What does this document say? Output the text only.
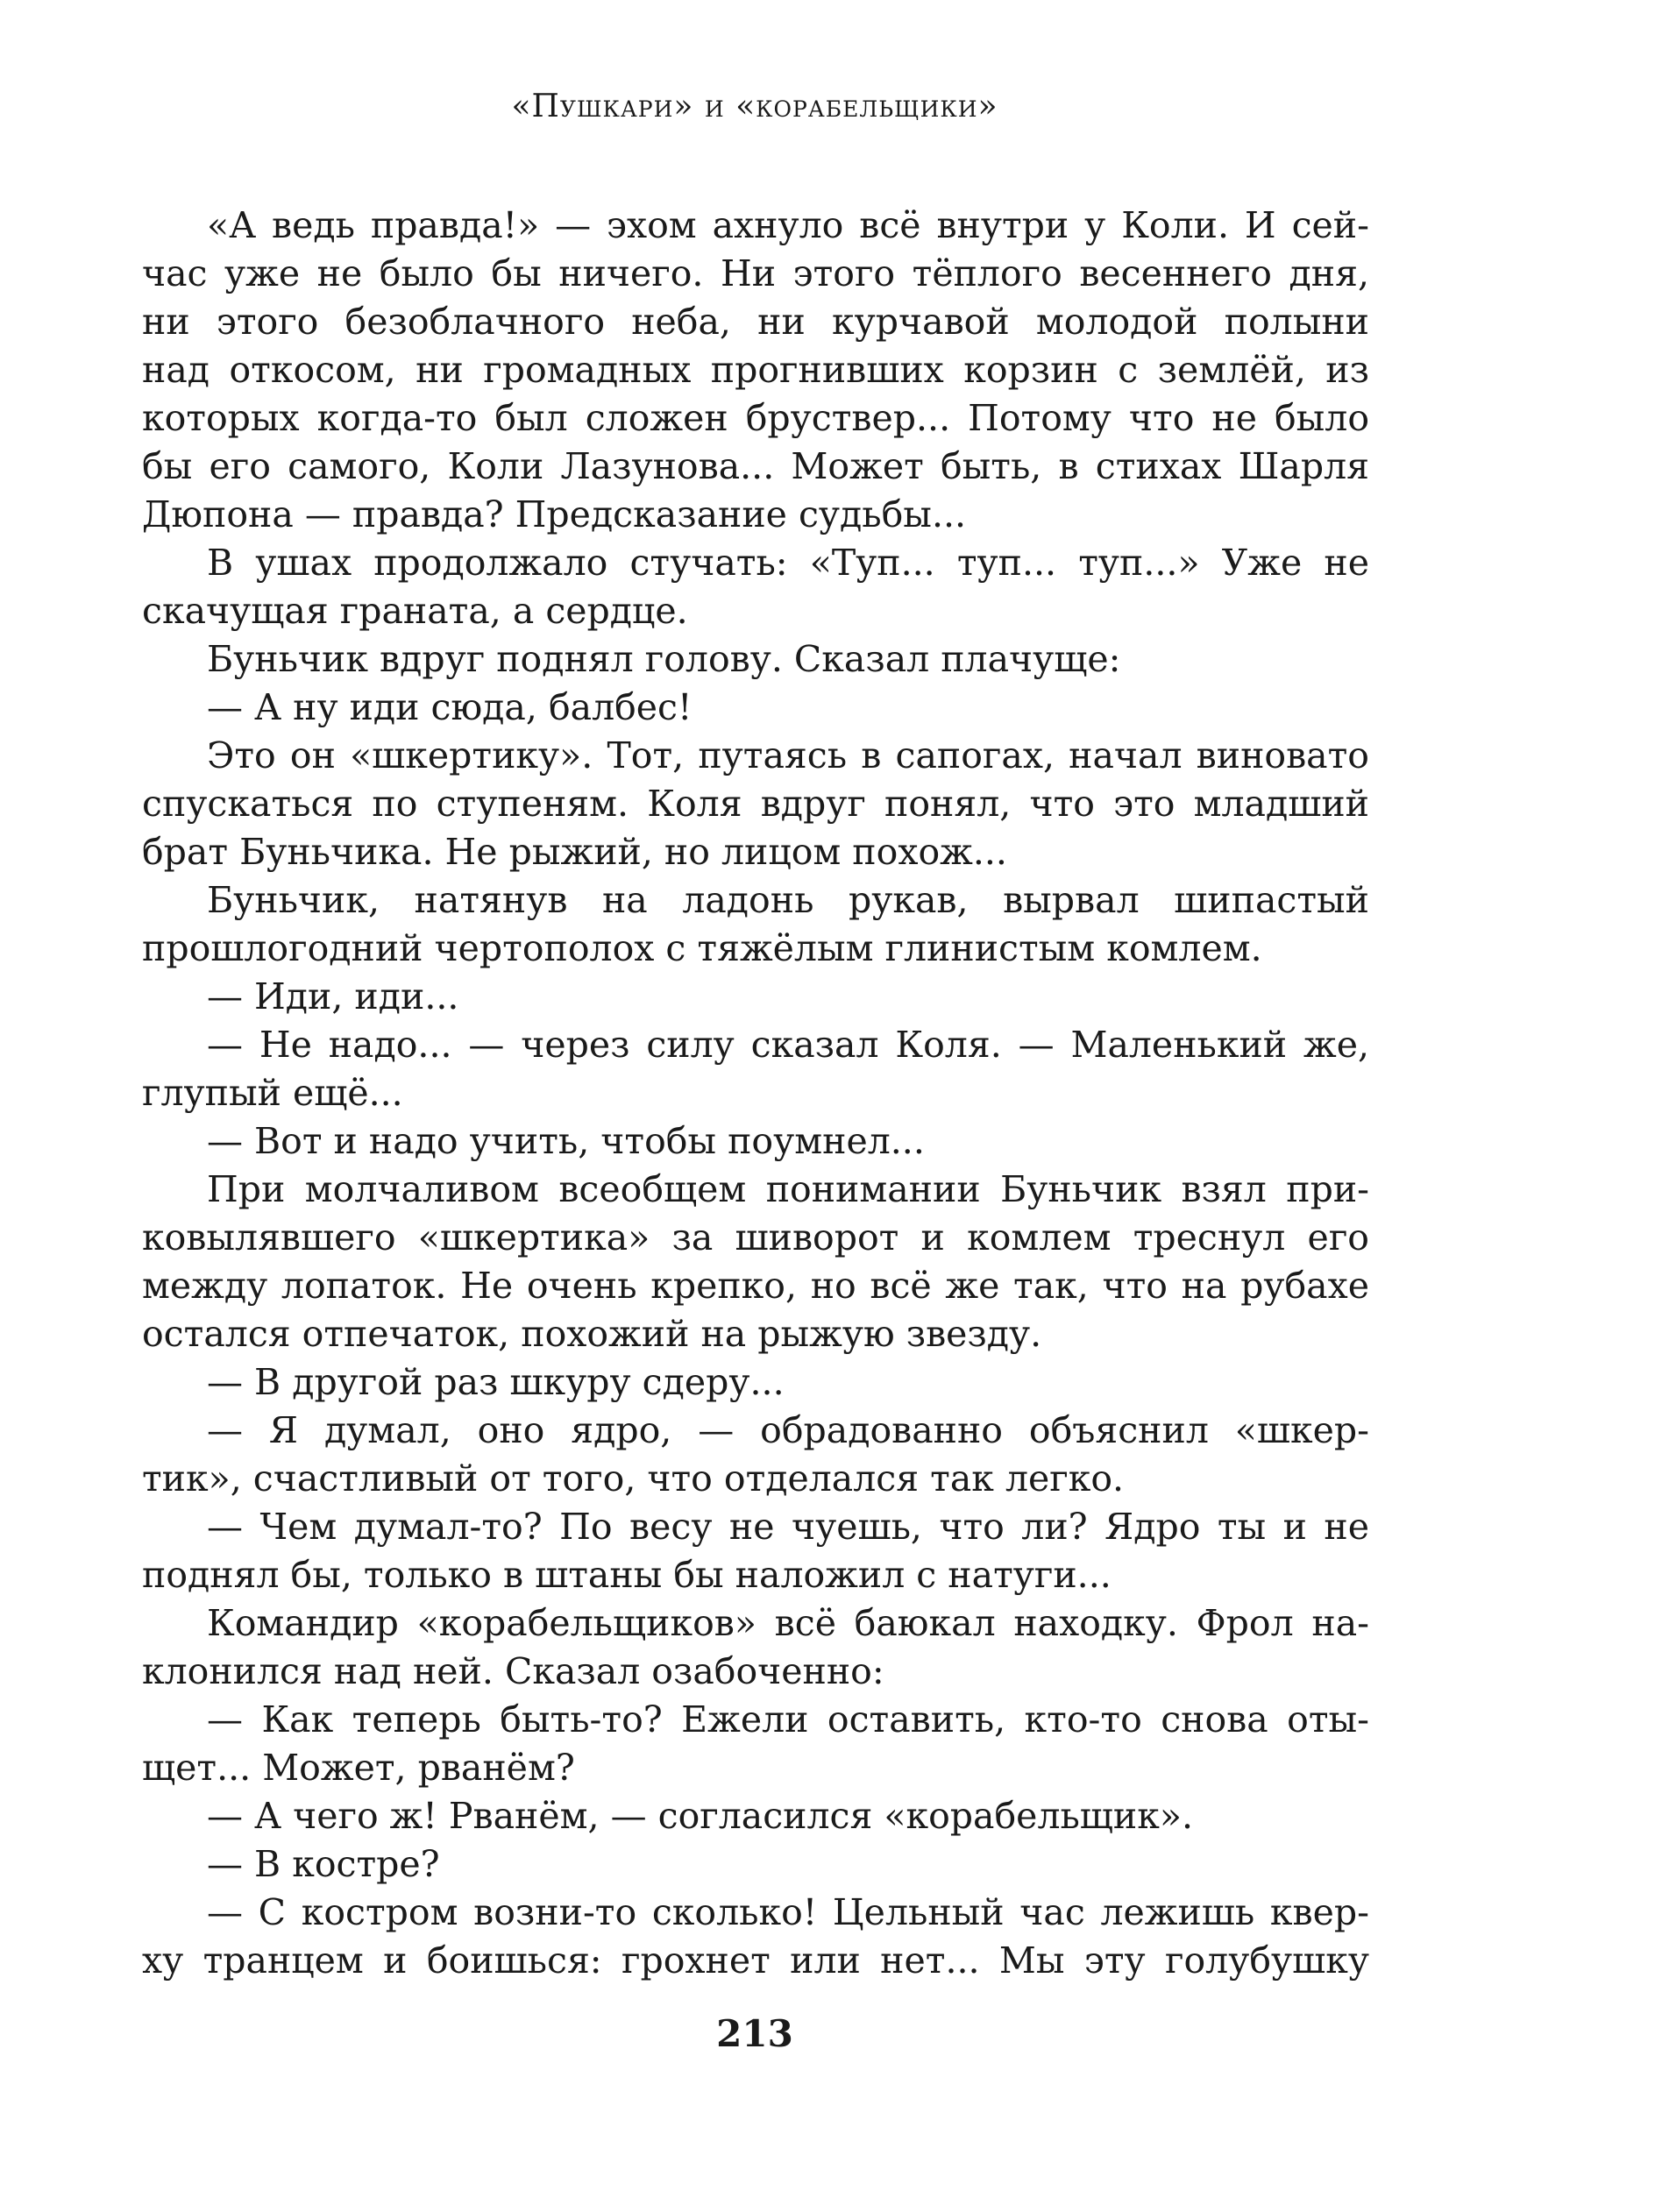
«Пушкари» и «корабельщики»
«А ведь правда!» — эхом ахнуло всё внутри у Коли. И сей-
час уже не было бы ничего. Ни этого тёплого весеннего дня,
ни этого безоблачного неба, ни курчавой молодой полыни
над откосом, ни громадных прогнивших корзин с землёй, из
которых когда-то был сложен бруствер... Потому что не было
бы его самого, Коли Лазунова... Может быть, в стихах Шарля
Дюпона — правда? Предсказание судьбы...
В ушах продолжало стучать: «Туп... туп... туп...» Уже не
скачущая граната, а сердце.
Буньчик вдруг поднял голову. Сказал плачуще:
— А ну иди сюда, балбес!
Это он «шкертику». Тот, путаясь в сапогах, начал виновато
спускаться по ступеням. Коля вдруг понял, что это младший
брат Буньчика. Не рыжий, но лицом похож...
Буньчик, натянув на ладонь рукав, вырвал шипастый
прошлогодний чертополох с тяжёлым глинистым комлем.
— Иди, иди...
— Не надо... — через силу сказал Коля. — Маленький же,
глупый ещё...
— Вот и надо учить, чтобы поумнел...
При молчаливом всеобщем понимании Буньчик взял при-
ковылявшего «шкертика» за шиворот и комлем треснул его
между лопаток. Не очень крепко, но всё же так, что на рубахе
остался отпечаток, похожий на рыжую звезду.
— В другой раз шкуру сдеру...
— Я думал, оно ядро, — обрадованно объяснил «шкер-
тик», счастливый от того, что отделался так легко.
— Чем думал-то? По весу не чуешь, что ли? Ядро ты и не
поднял бы, только в штаны бы наложил с натуги...
Командир «корабельщиков» всё баюкал находку. Фрол на-
клонился над ней. Сказал озабоченно:
— Как теперь быть-то? Ежели оставить, кто-то снова оты-
щет... Может, рванём?
— А чего ж! Рванём, — согласился «корабельщик».
— В костре?
— С костром возни-то сколько! Цельный час лежишь квер-
ху транцем и боишься: грохнет или нет... Мы эту голубушку
213
